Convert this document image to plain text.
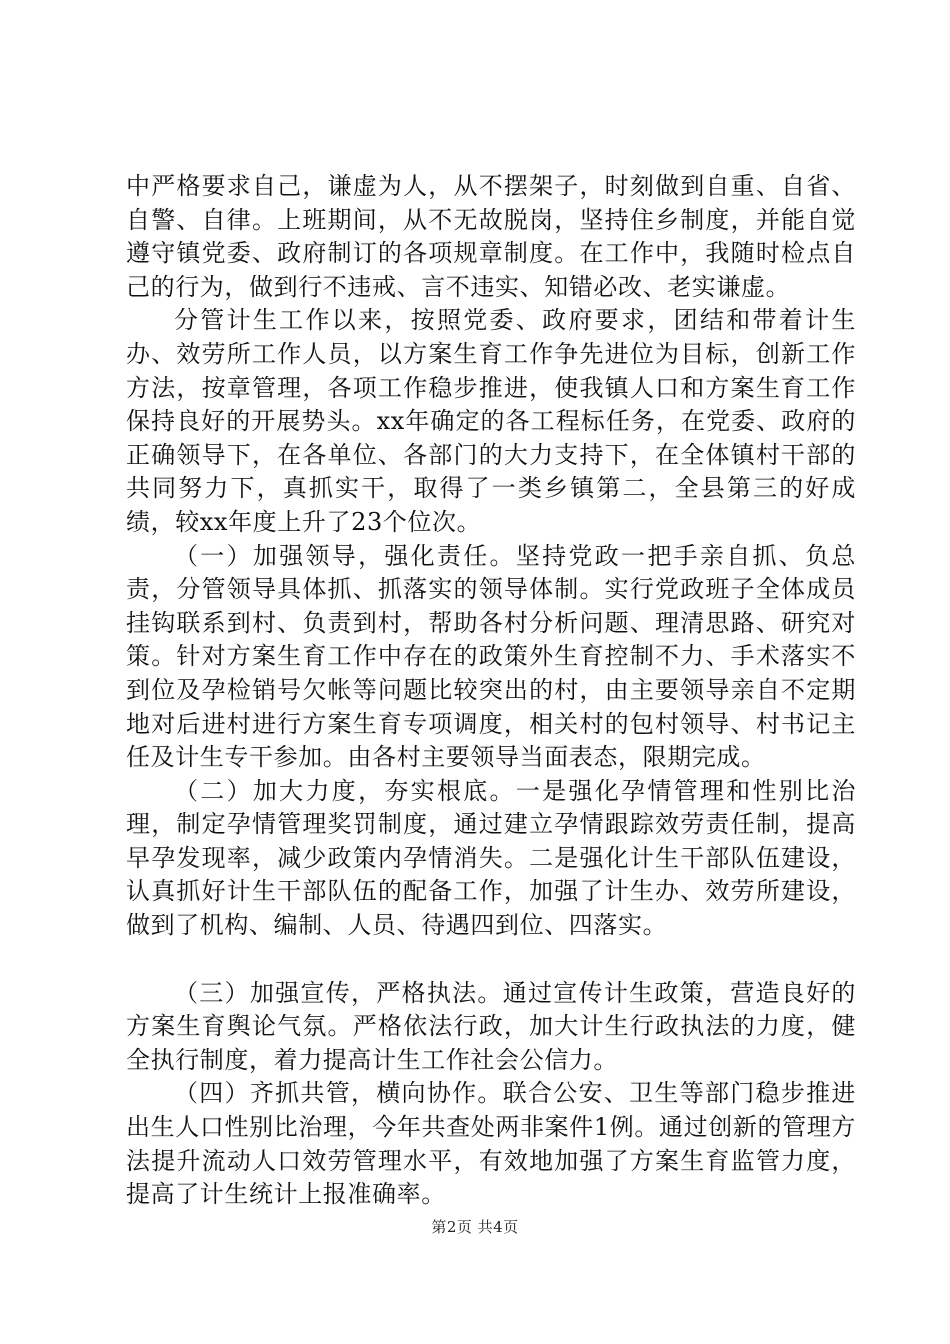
中严格要求自己，谦虚为人，从不摆架子，时刻做到自重、自省、自警、自律。上班期间，从不无故脱岗，坚持住乡制度，并能自觉遵守镇党委、政府制订的各项规章制度。在工作中，我随时检点自己的行为，做到行不违戒、言不违实、知错必改、老实谦虚。

分管计生工作以来，按照党委、政府要求，团结和带着计生办、效劳所工作人员，以方案生育工作争先进位为目标，创新工作方法，按章管理，各项工作稳步推进，使我镇人口和方案生育工作保持良好的开展势头。xx年确定的各工程标任务，在党委、政府的正确领导下，在各单位、各部门的大力支持下，在全体镇村干部的共同努力下，真抓实干，取得了一类乡镇第二，全县第三的好成绩，较xx年度上升了23个位次。

（一）加强领导，强化责任。坚持党政一把手亲自抓、负总责，分管领导具体抓、抓落实的领导体制。实行党政班子全体成员挂钩联系到村、负责到村，帮助各村分析问题、理清思路、研究对策。针对方案生育工作中存在的政策外生育控制不力、手术落实不到位及孕检销号欠帐等问题比较突出的村，由主要领导亲自不定期地对后进村进行方案生育专项调度，相关村的包村领导、村书记主任及计生专干参加。由各村主要领导当面表态，限期完成。

（二）加大力度，夯实根底。一是强化孕情管理和性别比治理，制定孕情管理奖罚制度，通过建立孕情跟踪效劳责任制，提高早孕发现率，减少政策内孕情消失。二是强化计生干部队伍建设，认真抓好计生干部队伍的配备工作，加强了计生办、效劳所建设，做到了机构、编制、人员、待遇四到位、四落实。

（三）加强宣传，严格执法。通过宣传计生政策，营造良好的方案生育舆论气氛。严格依法行政，加大计生行政执法的力度，健全执行制度，着力提高计生工作社会公信力。

（四）齐抓共管，横向协作。联合公安、卫生等部门稳步推进出生人口性别比治理，今年共查处两非案件1例。通过创新的管理方法提升流动人口效劳管理水平，有效地加强了方案生育监管力度，提高了计生统计上报准确率。

第2页 共4页
